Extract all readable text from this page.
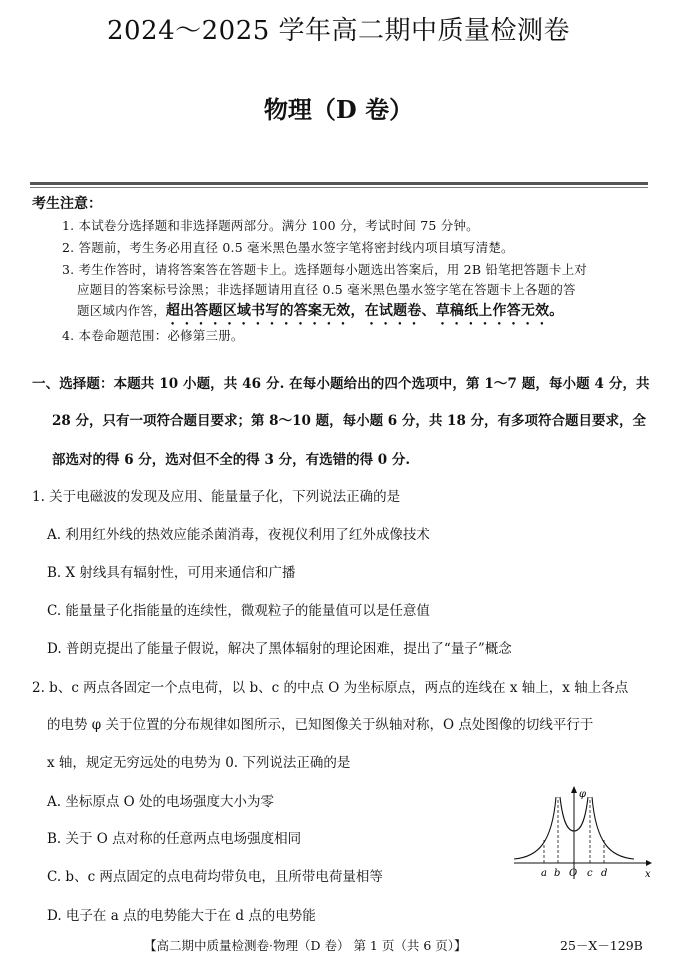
2024～2025 学年高二期中质量检测卷
物理（D 卷）
考生注意：
1. 本试卷分选择题和非选择题两部分。满分 100 分，考试时间 75 分钟。
2. 答题前，考生务必用直径 0.5 毫米黑色墨水签字笔将密封线内项目填写清楚。
3. 考生作答时，请将答案答在答题卡上。选择题每小题选出答案后，用 2B 铅笔把答题卡上对
应题目的答案标号涂黑；非选择题请用直径 0.5 毫米黑色墨水签字笔在答题卡上各题的答
题区域内作答，超出答题区域书写的答案无效，在试题卷、草稿纸上作答无效。
4. 本卷命题范围：必修第三册。
一、选择题：本题共 10 小题，共 46 分. 在每小题给出的四个选项中，第 1～7 题，每小题 4 分，共
28 分，只有一项符合题目要求；第 8～10 题，每小题 6 分，共 18 分，有多项符合题目要求，全
部选对的得 6 分，选对但不全的得 3 分，有选错的得 0 分.
1. 关于电磁波的发现及应用、能量量子化，下列说法正确的是
A. 利用红外线的热效应能杀菌消毒，夜视仪利用了红外成像技术
B. X 射线具有辐射性，可用来通信和广播
C. 能量量子化指能量的连续性，微观粒子的能量值可以是任意值
D. 普朗克提出了能量子假说，解决了黑体辐射的理论困难，提出了“量子”概念
2. b、c 两点各固定一个点电荷，以 b、c 的中点 O 为坐标原点，两点的连线在 x 轴上，x 轴上各点
的电势 φ 关于位置的分布规律如图所示，已知图像关于纵轴对称，O 点处图像的切线平行于
x 轴，规定无穷远处的电势为 0. 下列说法正确的是
A. 坐标原点 O 处的电场强度大小为零
B. 关于 O 点对称的任意两点电场强度相同
C. b、c 两点固定的点电荷均带负电，且所带电荷量相等
D. 电子在 a 点的电势能大于在 d 点的电势能
φ
x
a b O c d
【高二期中质量检测卷·物理（D 卷） 第 1 页（共 6 页）】	25－X－129B
